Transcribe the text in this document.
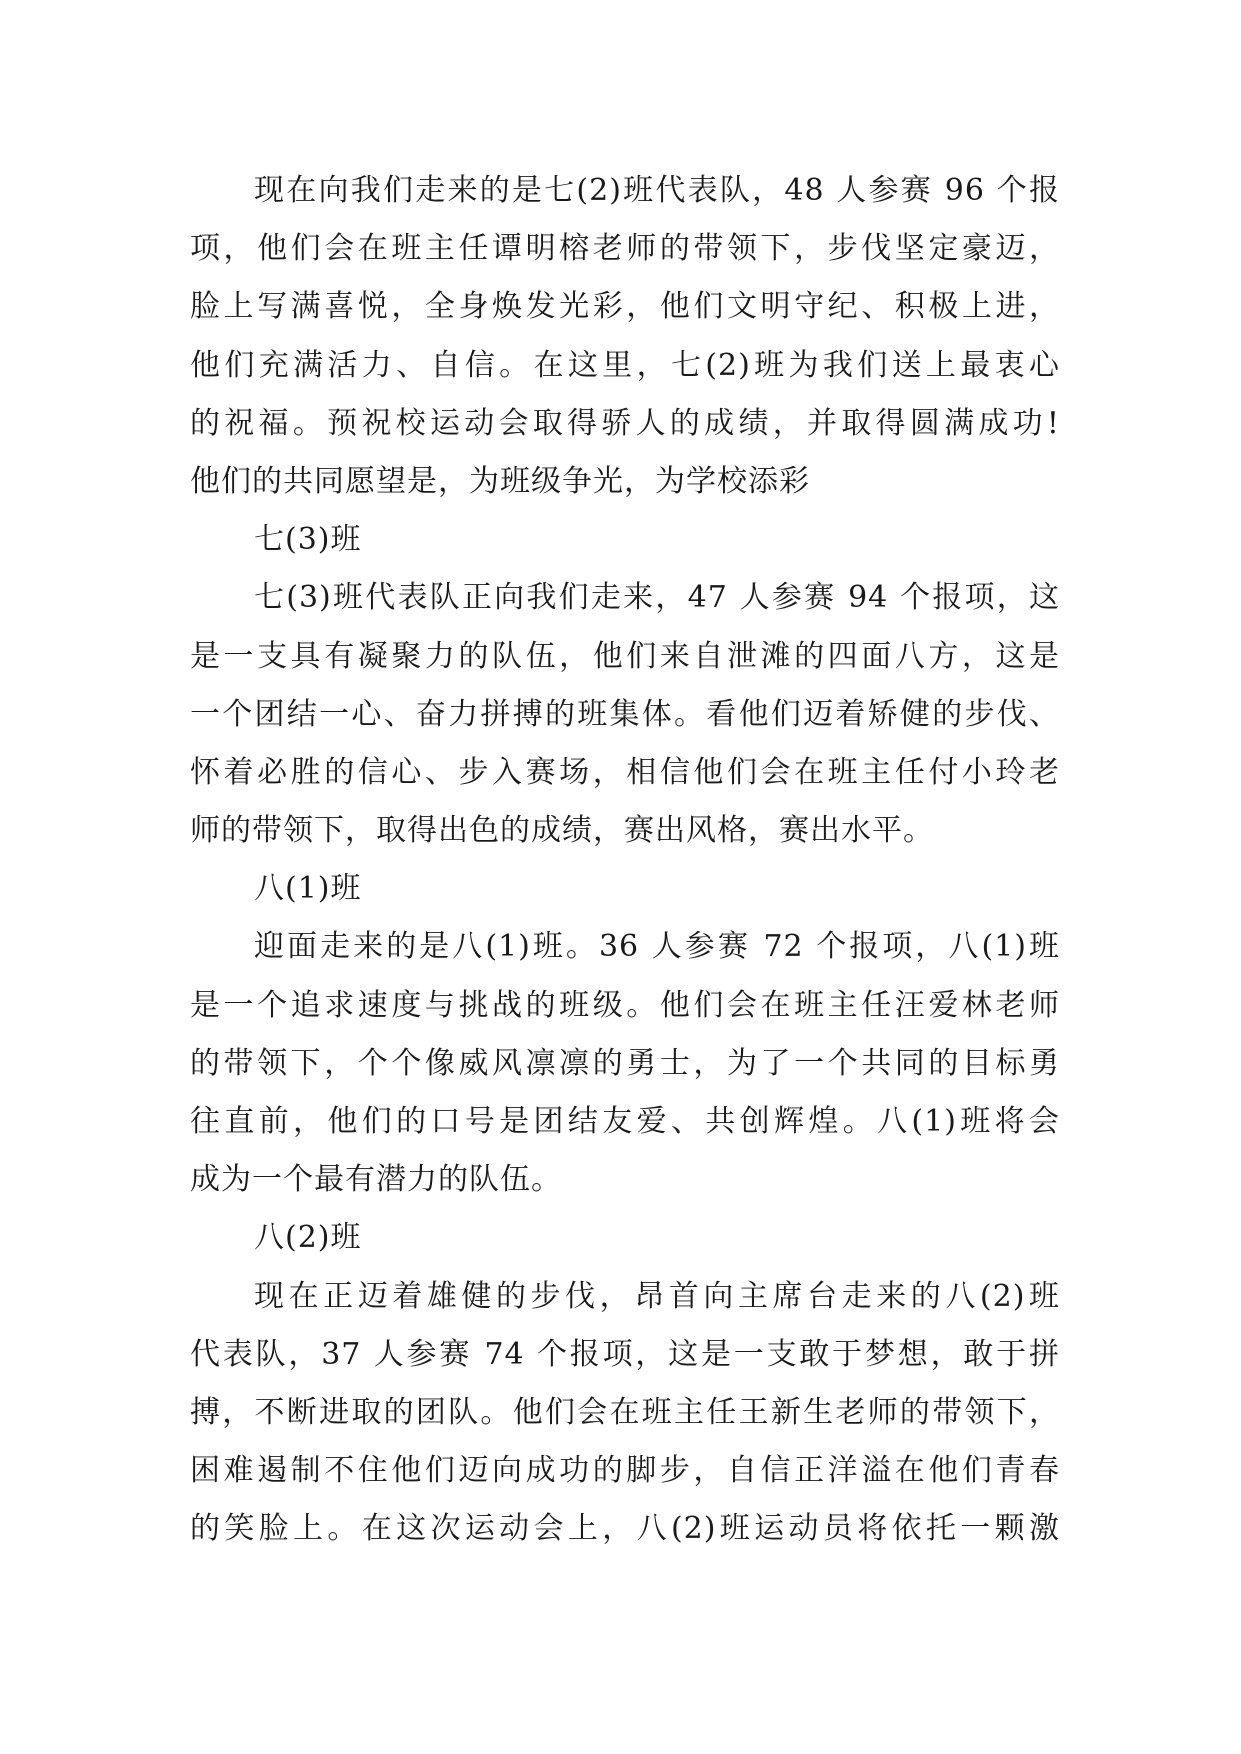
现在向我们走来的是七(2)班代表队，48 人参赛 96 个报
项，他们会在班主任谭明榕老师的带领下，步伐坚定豪迈，
脸上写满喜悦，全身焕发光彩，他们文明守纪、积极上进，
他们充满活力、自信。在这里，七(2)班为我们送上最衷心
的祝福。预祝校运动会取得骄人的成绩，并取得圆满成功!
他们的共同愿望是，为班级争光，为学校添彩
七(3)班
七(3)班代表队正向我们走来，47 人参赛 94 个报项，这
是一支具有凝聚力的队伍，他们来自泄滩的四面八方，这是
一个团结一心、奋力拼搏的班集体。看他们迈着矫健的步伐、
怀着必胜的信心、步入赛场，相信他们会在班主任付小玲老
师的带领下，取得出色的成绩，赛出风格，赛出水平。
八(1)班
迎面走来的是八(1)班。36 人参赛 72 个报项，八(1)班
是一个追求速度与挑战的班级。他们会在班主任汪爱林老师
的带领下，个个像威风凛凛的勇士，为了一个共同的目标勇
往直前，他们的口号是团结友爱、共创辉煌。八(1)班将会
成为一个最有潜力的队伍。
八(2)班
现在正迈着雄健的步伐，昂首向主席台走来的八(2)班
代表队，37 人参赛 74 个报项，这是一支敢于梦想，敢于拼
搏，不断进取的团队。他们会在班主任王新生老师的带领下，
困难遏制不住他们迈向成功的脚步，自信正洋溢在他们青春
的笑脸上。在这次运动会上，八(2)班运动员将依托一颗激
